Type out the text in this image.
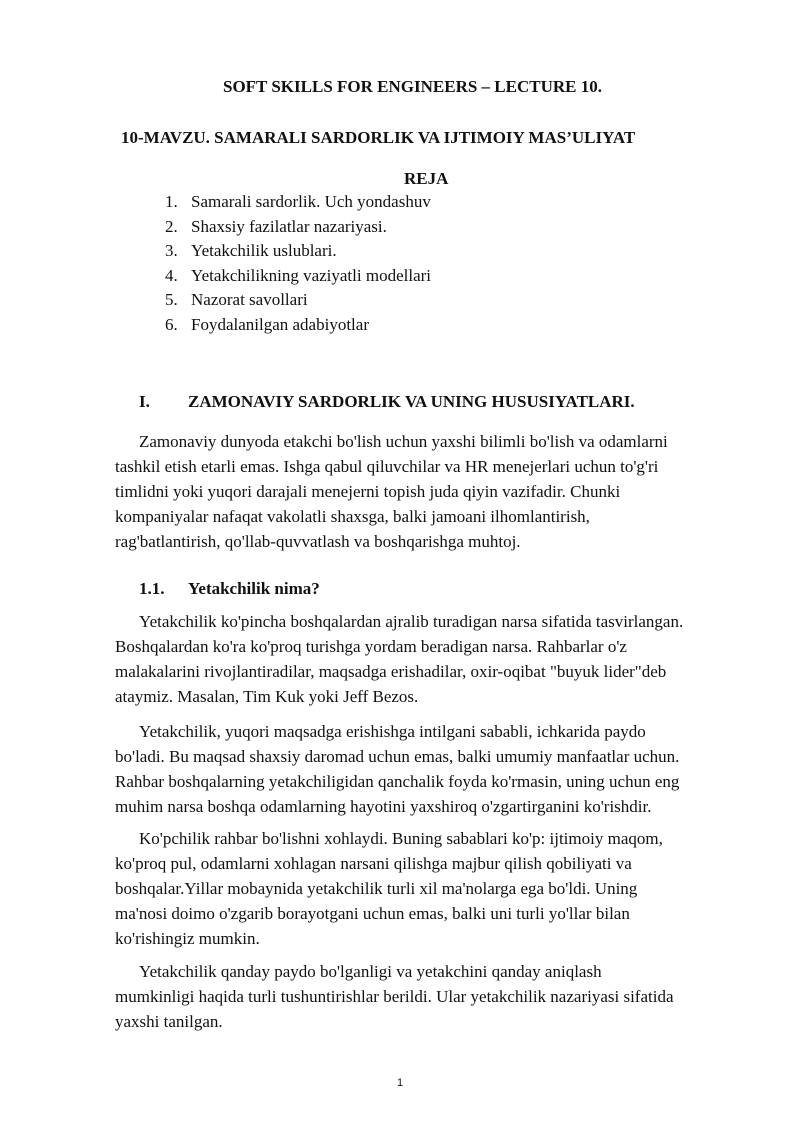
SOFT SKILLS FOR ENGINEERS – LECTURE 10.
10-MAVZU. SAMARALI SARDORLIK VA IJTIMOIY MAS’ULIYAT
REJA
1. Samarali sardorlik. Uch yondashuv
2. Shaxsiy fazilatlar nazariyasi.
3. Yetakchilik uslublari.
4. Yetakchilikning vaziyatli modellari
5. Nazorat savollari
6. Foydalanilgan adabiyotlar
I. ZAMONAVIY SARDORLIK VA UNING HUSUSIYATLARI.

Zamonaviy dunyoda etakchi bo'lish uchun yaxshi bilimli bo'lish va odamlarni
tashkil etish etarli emas. Ishga qabul qiluvchilar va HR menejerlari uchun to'g'ri
timlidni yoki yuqori darajali menejerni topish juda qiyin vazifadir. Chunki
kompaniyalar nafaqat vakolatli shaxsga, balki jamoani ilhomlantirish,
rag'batlantirish, qo'llab-quvvatlash va boshqarishga muhtoj.

1.1. Yetakchilik nima?

Yetakchilik ko'pincha boshqalardan ajralib turadigan narsa sifatida tasvirlangan.
Boshqalardan ko'ra ko'proq turishga yordam beradigan narsa. Rahbarlar o'z
malakalarini rivojlantiradilar, maqsadga erishadilar, oxir-oqibat "buyuk lider"deb
ataymiz. Masalan, Tim Kuk yoki Jeff Bezos.

Yetakchilik, yuqori maqsadga erishishga intilgani sababli, ichkarida paydo
bo'ladi. Bu maqsad shaxsiy daromad uchun emas, balki umumiy manfaatlar uchun.
Rahbar boshqalarning yetakchiligidan qanchalik foyda ko'rmasin, uning uchun eng
muhim narsa boshqa odamlarning hayotini yaxshiroq o'zgartirganini ko'rishdir.

Ko'pchilik rahbar bo'lishni xohlaydi. Buning sabablari ko'p: ijtimoiy maqom,
ko'proq pul, odamlarni xohlagan narsani qilishga majbur qilish qobiliyati va
boshqalar.Yillar mobaynida yetakchilik turli xil ma'nolarga ega bo'ldi. Uning
ma'nosi doimo o'zgarib borayotgani uchun emas, balki uni turli yo'llar bilan
ko'rishingiz mumkin.

Yetakchilik qanday paydo bo'lganligi va yetakchini qanday aniqlash
mumkinligi haqida turli tushuntirishlar berildi. Ular yetakchilik nazariyasi sifatida
yaxshi tanilgan.

1
